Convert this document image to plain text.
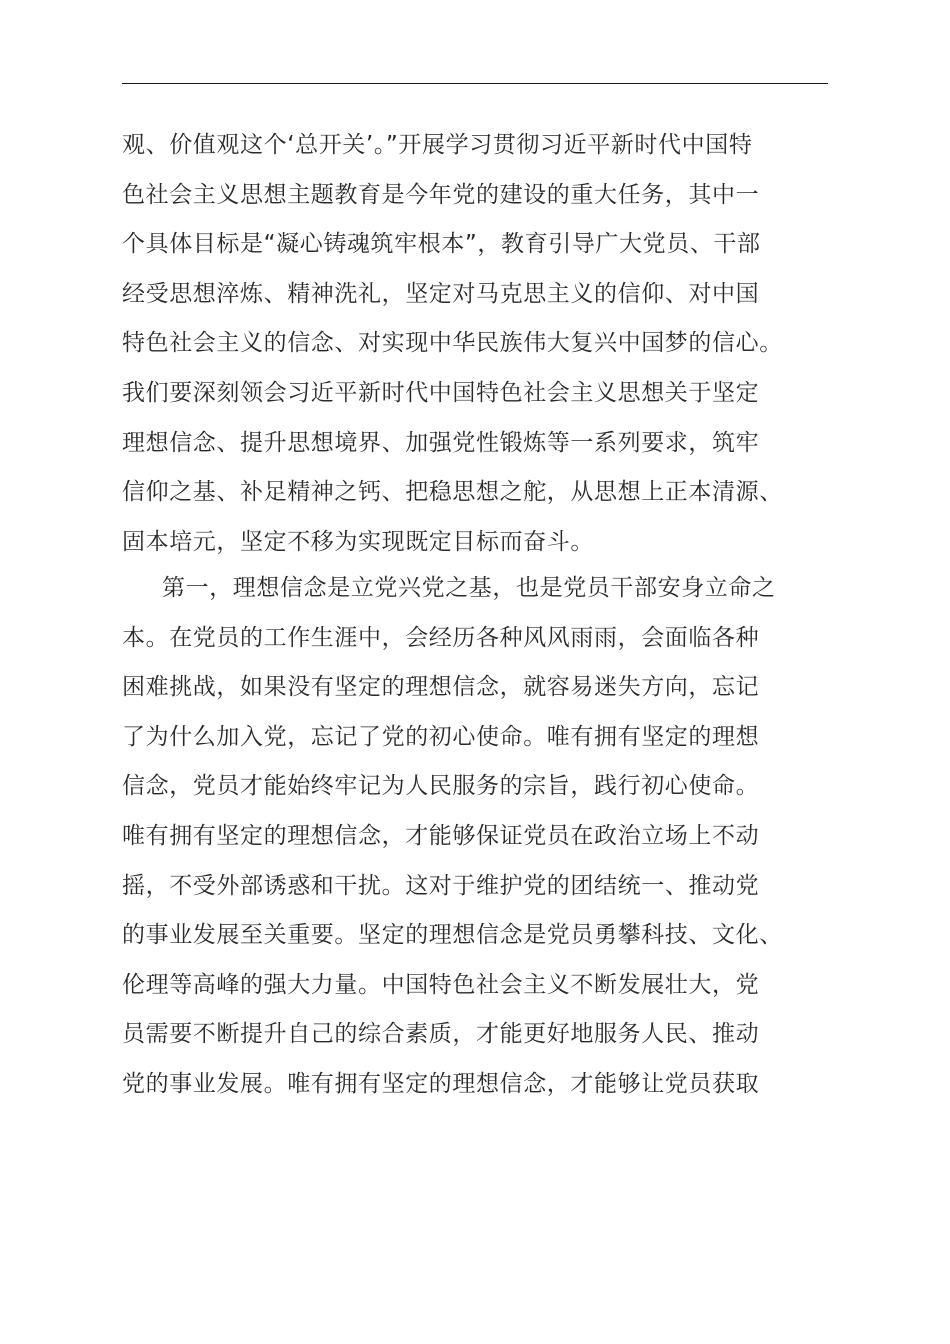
观、价值观这个‘总开关’。”开展学习贯彻习近平新时代中国特
色社会主义思想主题教育是今年党的建设的重大任务，其中一
个具体目标是“凝心铸魂筑牢根本”，教育引导广大党员、干部
经受思想淬炼、精神洗礼，坚定对马克思主义的信仰、对中国
特色社会主义的信念、对实现中华民族伟大复兴中国梦的信心。
我们要深刻领会习近平新时代中国特色社会主义思想关于坚定
理想信念、提升思想境界、加强党性锻炼等一系列要求，筑牢
信仰之基、补足精神之钙、把稳思想之舵，从思想上正本清源、
固本培元，坚定不移为实现既定目标而奋斗。
第一，理想信念是立党兴党之基，也是党员干部安身立命之
本。在党员的工作生涯中，会经历各种风风雨雨，会面临各种
困难挑战，如果没有坚定的理想信念，就容易迷失方向，忘记
了为什么加入党，忘记了党的初心使命。唯有拥有坚定的理想
信念，党员才能始终牢记为人民服务的宗旨，践行初心使命。
唯有拥有坚定的理想信念，才能够保证党员在政治立场上不动
摇，不受外部诱惑和干扰。这对于维护党的团结统一、推动党
的事业发展至关重要。坚定的理想信念是党员勇攀科技、文化、
伦理等高峰的强大力量。中国特色社会主义不断发展壮大，党
员需要不断提升自己的综合素质，才能更好地服务人民、推动
党的事业发展。唯有拥有坚定的理想信念，才能够让党员获取
